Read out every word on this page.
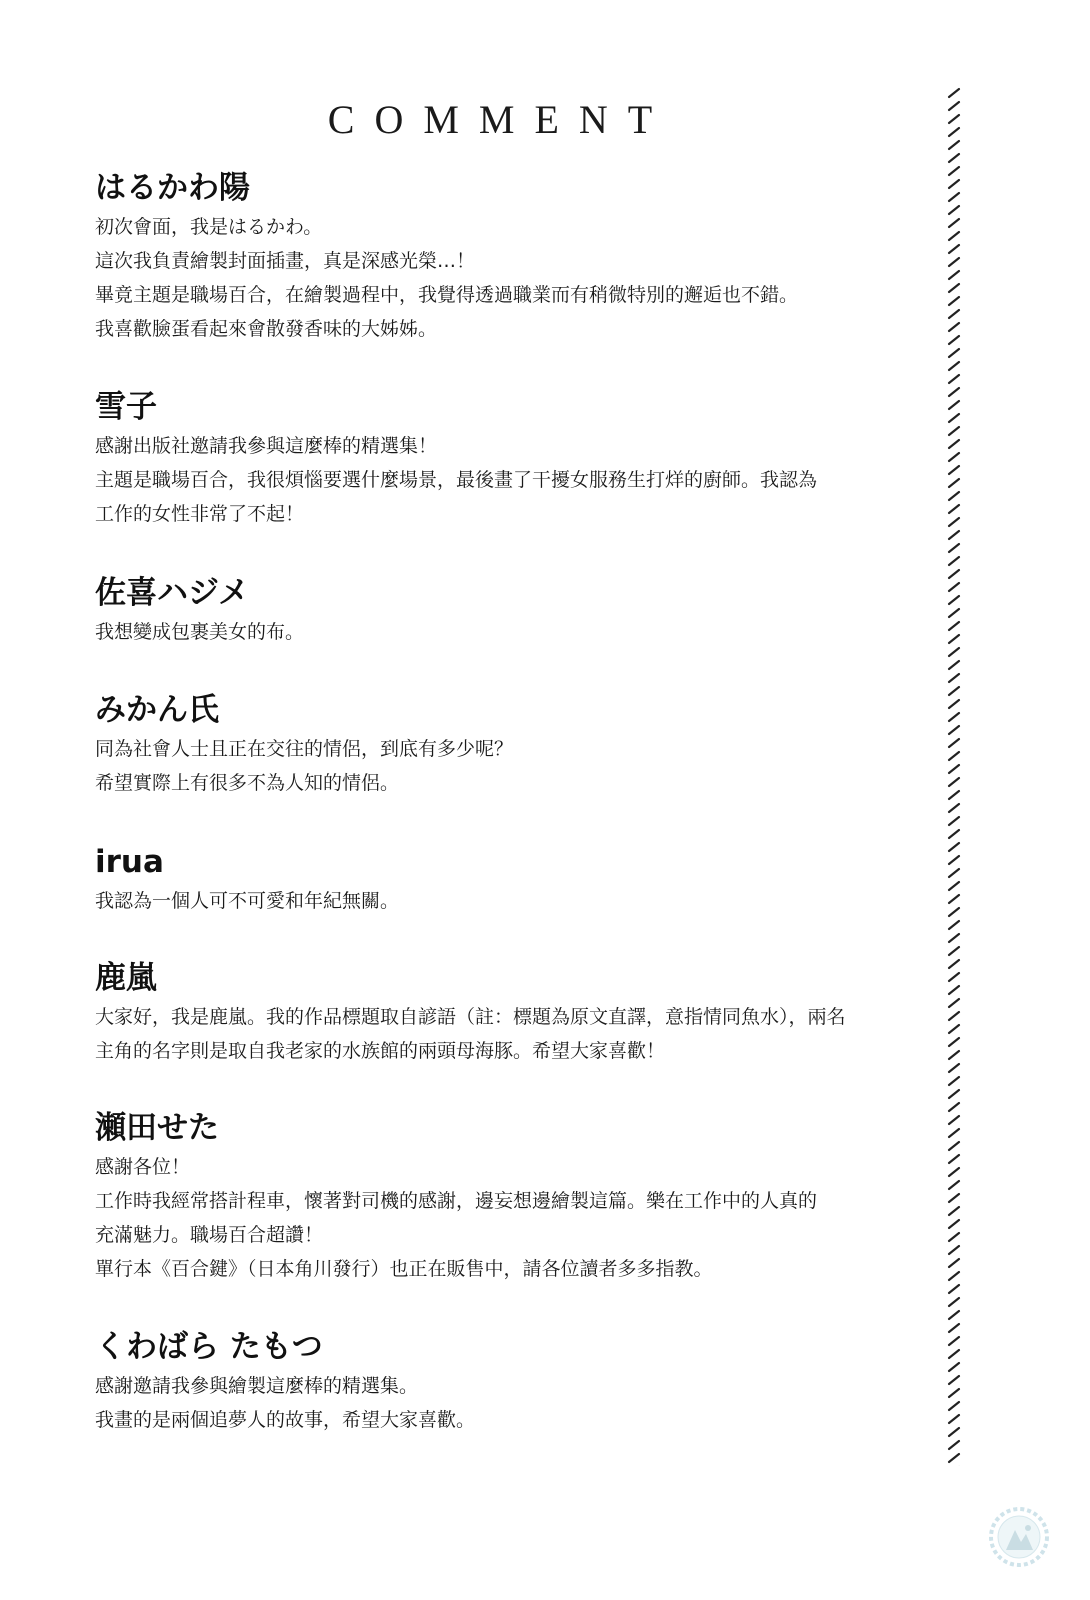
COMMENT
はるかわ陽
初次會面，我是はるかわ。
這次我負責繪製封面插畫，真是深感光榮…！
畢竟主題是職場百合，在繪製過程中，我覺得透過職業而有稍微特別的邂逅也不錯。
我喜歡臉蛋看起來會散發香味的大姊姊。
雪子
感謝出版社邀請我參與這麼棒的精選集！
主題是職場百合，我很煩惱要選什麼場景，最後畫了干擾女服務生打烊的廚師。我認為
工作的女性非常了不起！
佐喜ハジメ
我想變成包裹美女的布。
みかん氏
同為社會人士且正在交往的情侶，到底有多少呢？
希望實際上有很多不為人知的情侶。
irua
我認為一個人可不可愛和年紀無關。
鹿嵐
大家好，我是鹿嵐。我的作品標題取自諺語（註：標題為原文直譯，意指情同魚水），兩名
主角的名字則是取自我老家的水族館的兩頭母海豚。希望大家喜歡！
瀬田せた
感謝各位！
工作時我經常搭計程車，懷著對司機的感謝，邊妄想邊繪製這篇。樂在工作中的人真的
充滿魅力。職場百合超讚！
單行本《百合鍵》（日本角川發行）也正在販售中，請各位讀者多多指教。
くわばら たもつ
感謝邀請我參與繪製這麼棒的精選集。
我畫的是兩個追夢人的故事，希望大家喜歡。
